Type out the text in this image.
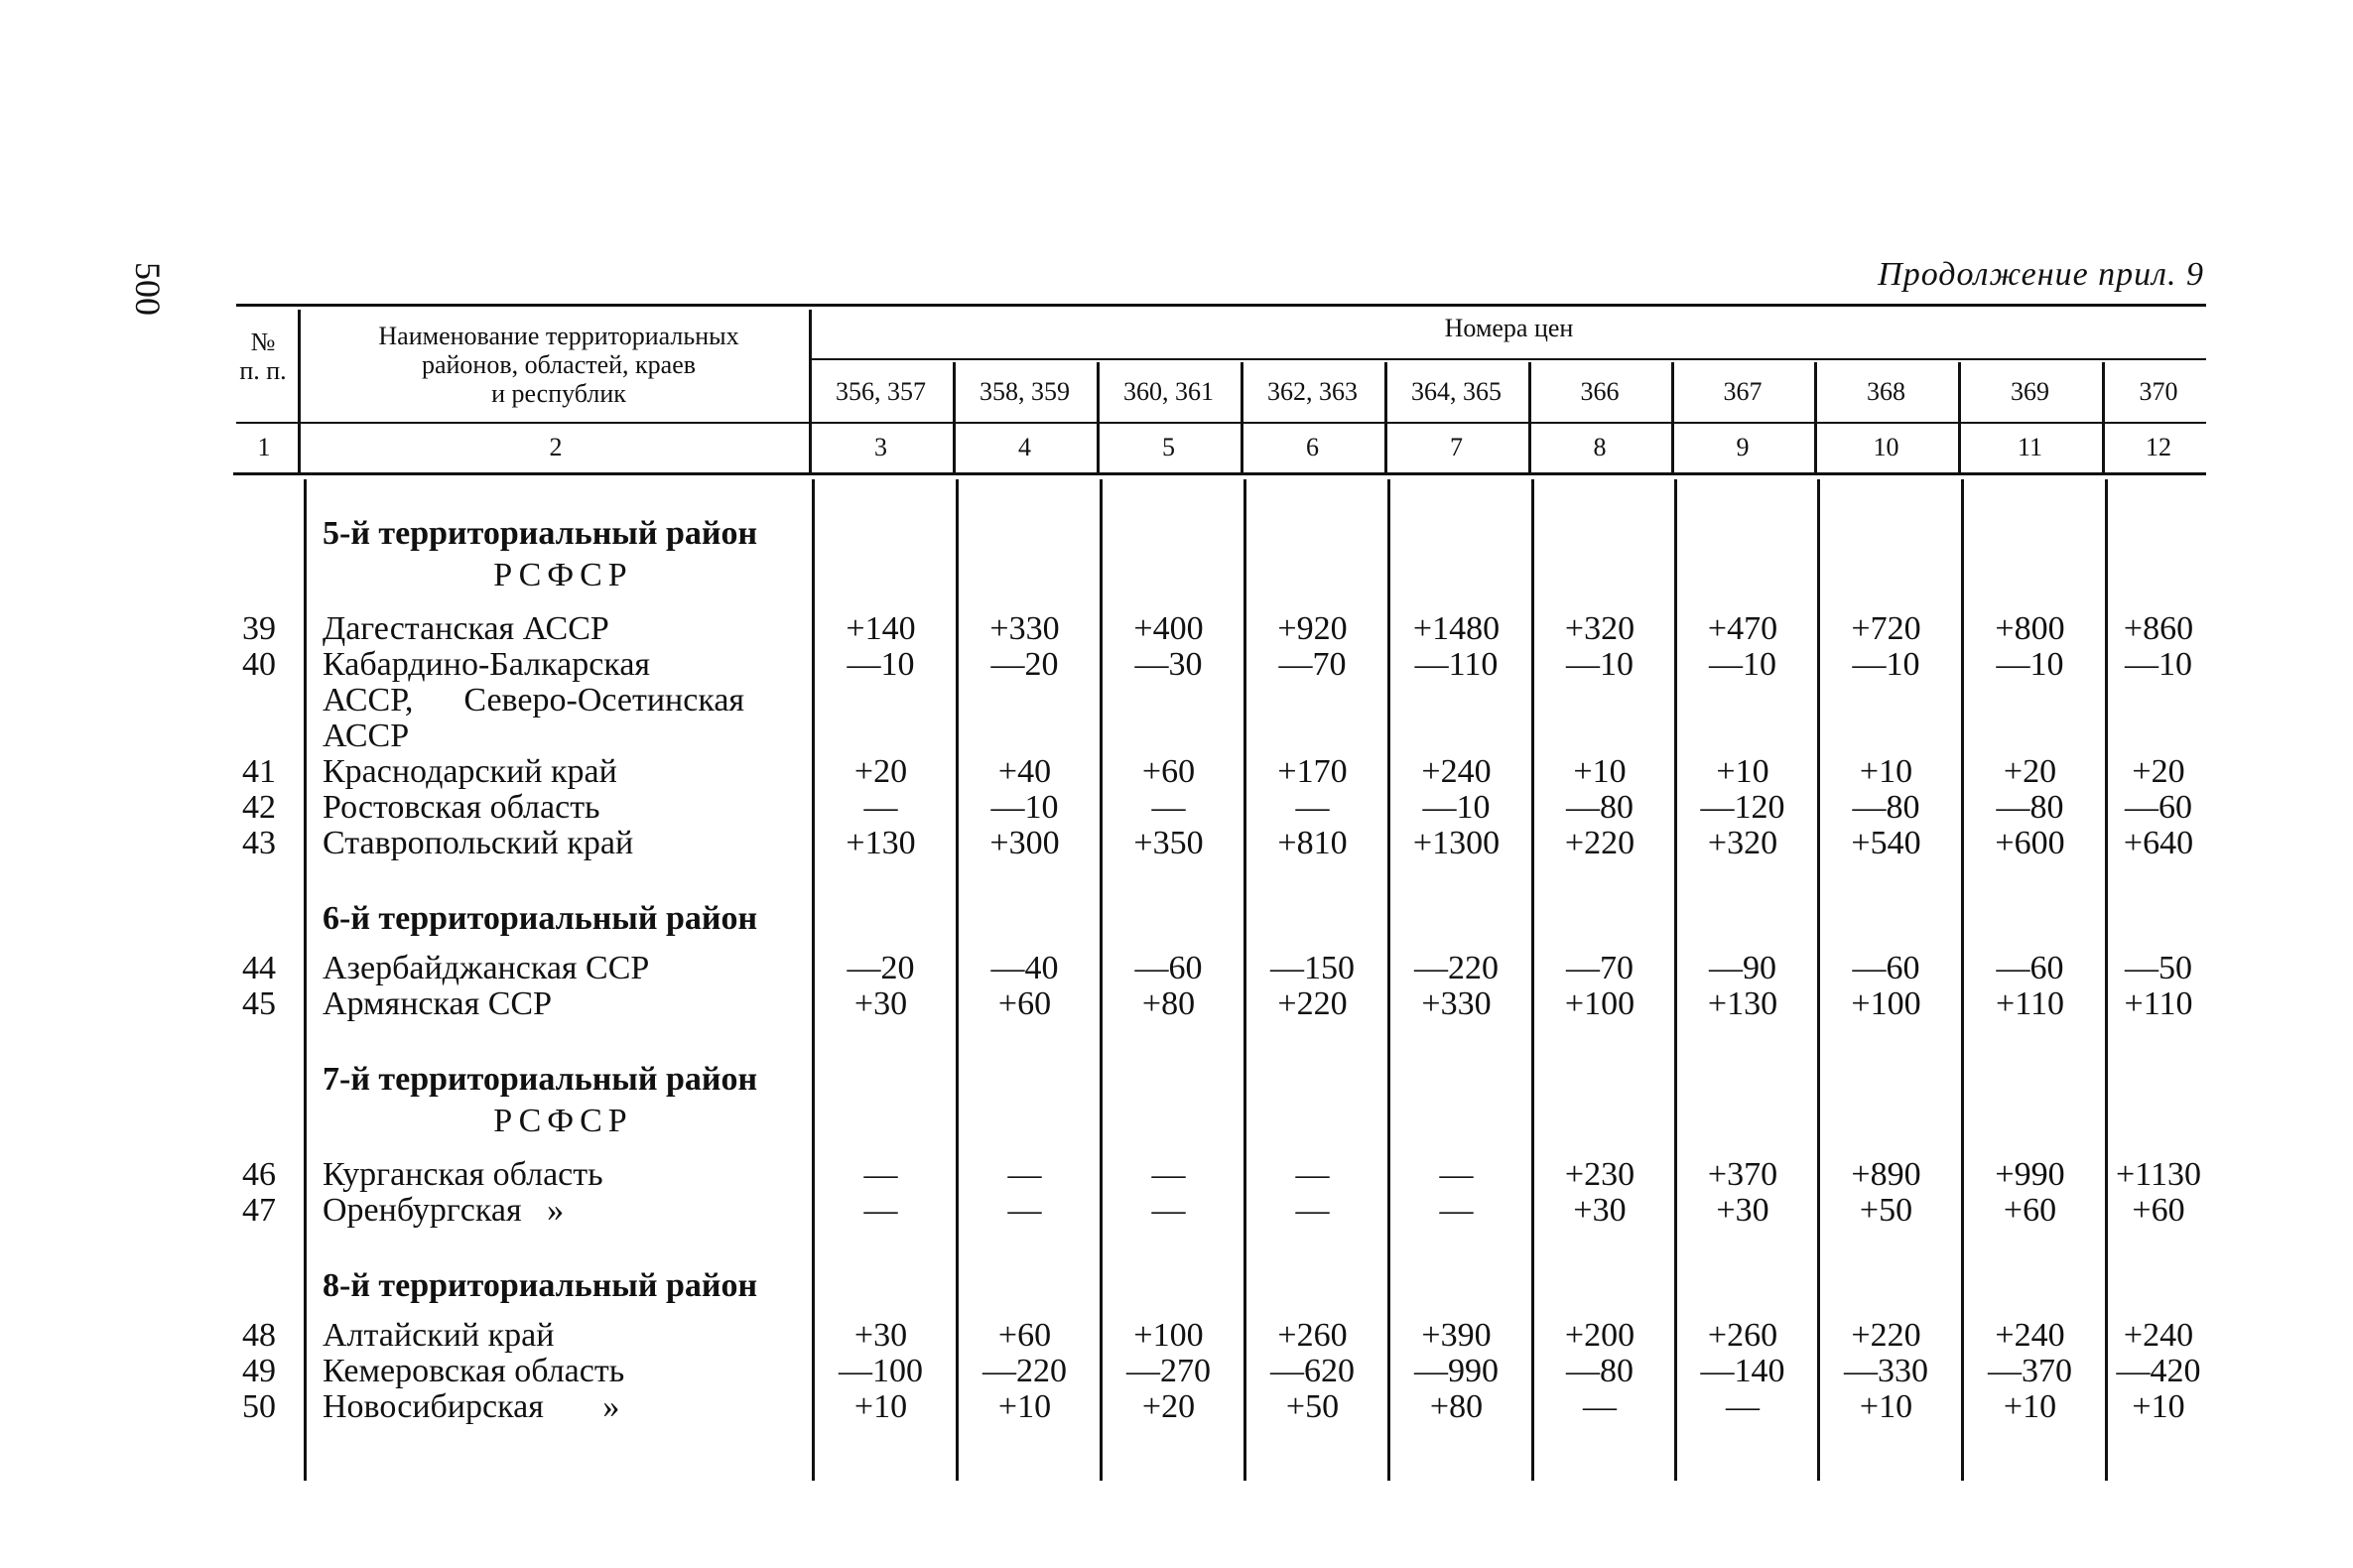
500	Продолжение прил. 9
№
п. п.
Наименование территориальных
районов, областей, краев
и республик
Номера цен
356, 357	358, 359	360, 361	362, 363	364, 365	366	367	368	369	370
1	2	3	4	5	6	7	8	9	10	11	12
5-й территориальный район
РСФСР
39 Дагестанская АССР	+140	+330	+400	+920	+1480	+320	+470	+720	+800	+860
40 Кабардино-Балкарская
АССР,      Северо-Осетинская
АССР
—10	—20	—30	—70	—110	—10	—10	—10	—10	—10
41 Краснодарский край	+20	+40	+60	+170	+240	+10	+10	+10	+20	+20
42 Ростовская область	—	—10	—	—	—10	—80	—120	—80	—80	—60
43 Ставропольский край	+130	+300	+350	+810	+1300	+220	+320	+540	+600	+640
6-й территориальный район
44 Азербайджанская ССР	—20	—40	—60	—150	—220	—70	—90	—60	—60	—50
45 Армянская ССР	+30	+60	+80	+220	+330	+100	+130	+100	+110	+110
7-й территориальный район
РСФСР
46 Курганская область	—	—	—	—	—	+230	+370	+890	+990	+1130
47 Оренбургская   »	—	—	—	—	—	+30	+30	+50	+60	+60
8-й территориальный район
48 Алтайский край	+30	+60	+100	+260	+390	+200	+260	+220	+240	+240
49 Кемеровская область	—100	—220	—270	—620	—990	—80	—140	—330	—370	—420
50 Новосибирская       »	+10	+10	+20	+50	+80	—	—	+10	+10	+10
